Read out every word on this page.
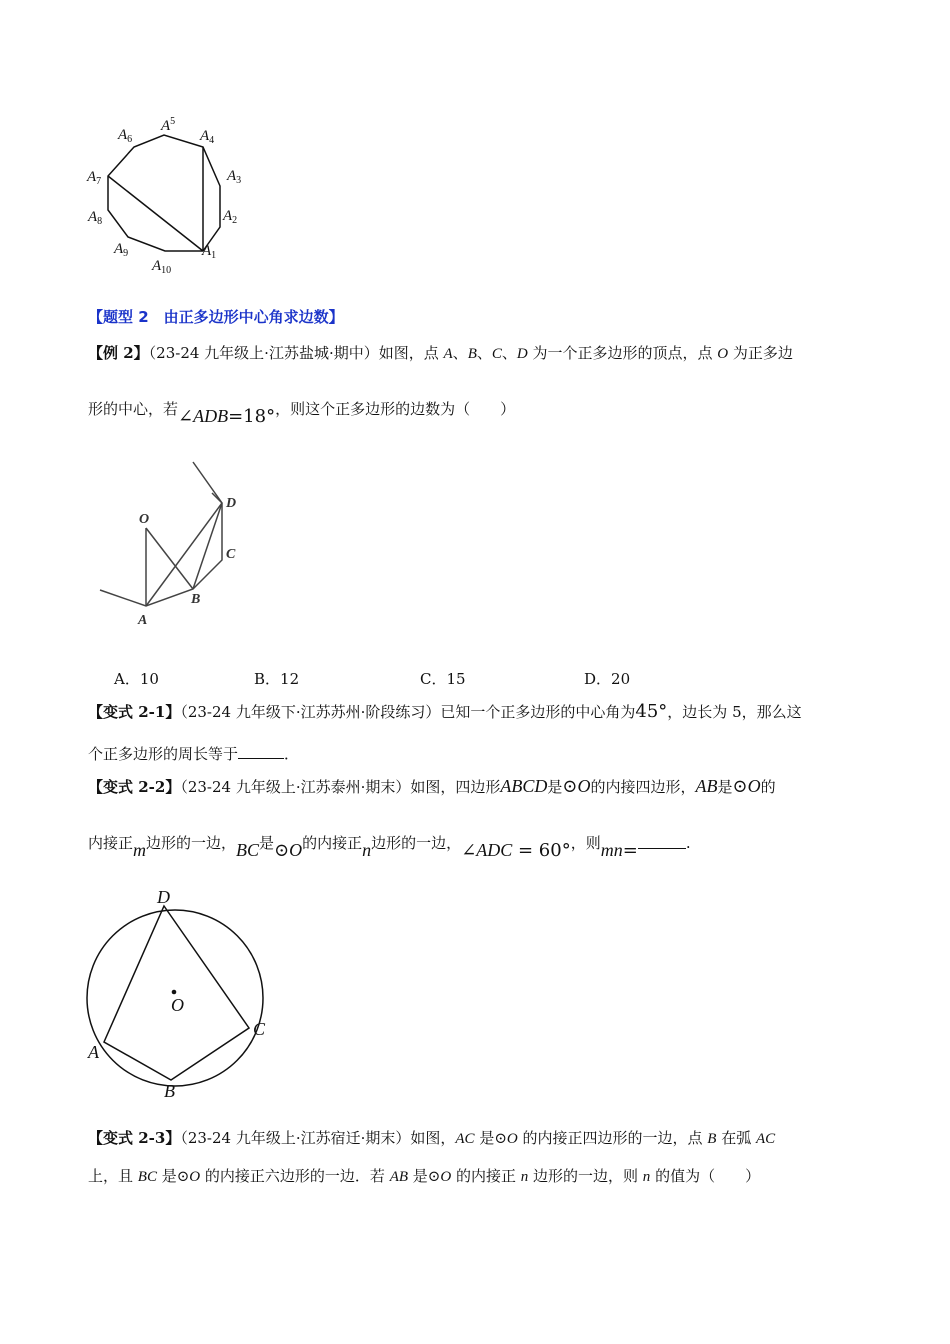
$A_1$
$A_2$
$A_3$
$A_4$
$A^5$
$A_6$
$A_7$
$A_8$
$A_9$
$A_{10}$
【题型 2　由正多边形中心角求边数】
【例 2】（23-24 九年级上·江苏盐城·期中）如图，点 A、B、C、D 为一个正多边形的顶点，点 O 为正多边
形的中心，若∠ADB=18°，则这个正多边形的边数为（　　）
O
D
C
B
A
A．10	B．12	C．15	D．20
【变式 2-1】（23-24 九年级下·江苏苏州·阶段练习）已知一个正多边形的中心角为45°，边长为 5，那么这
个正多边形的周长等于	．
【变式 2-2】（23-24 九年级上·江苏泰州·期末）如图，四边形ABCD是⊙O的内接四边形，AB是⊙O的
内接正m边形的一边，BC是⊙O的内接正n边形的一边，∠ADC = 60°，则mn=	.
D
O
C
A
B
【变式 2-3】（23-24 九年级上·江苏宿迁·期末）如图，AC 是⊙O 的内接正四边形的一边，点 B 在弧 AC
上，且 BC 是⊙O 的内接正六边形的一边．若 AB 是⊙O 的内接正 n 边形的一边，则 n 的值为（　　）
